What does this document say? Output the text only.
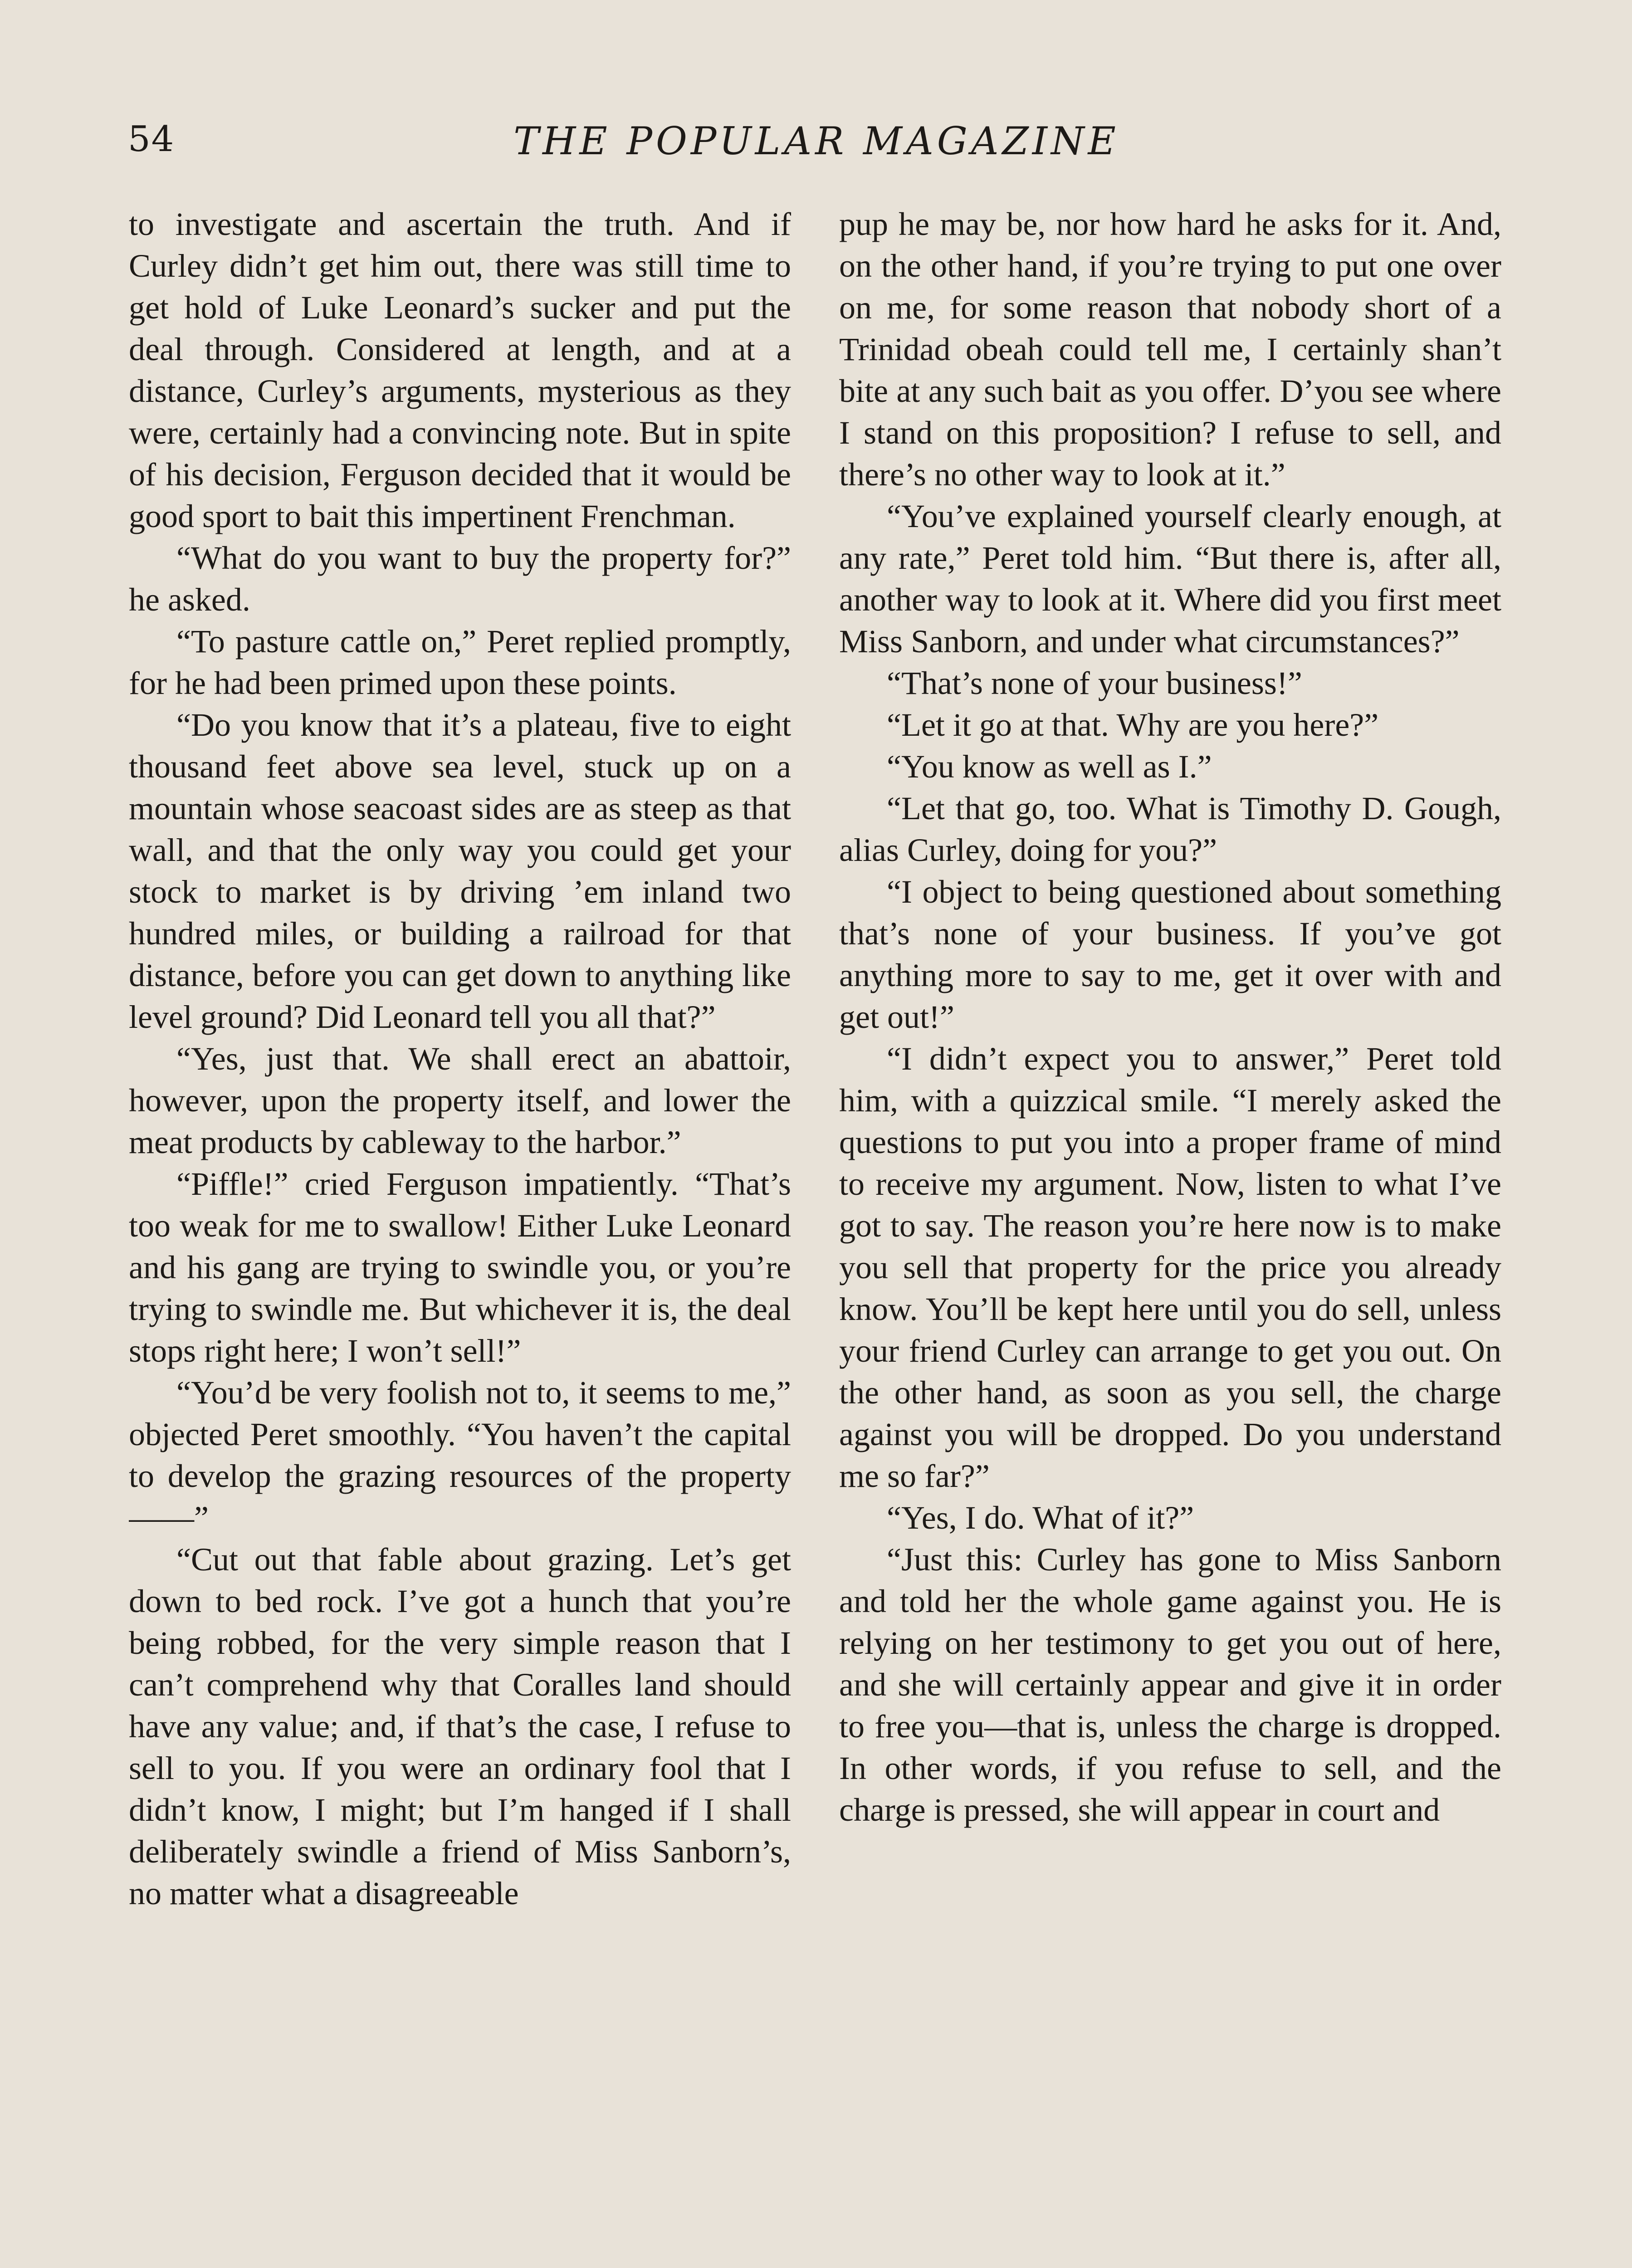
54	THE POPULAR MAGAZINE

to investigate and ascertain the truth. And if Curley didn’t get him out, there was still time to get hold of Luke Leonard’s sucker and put the deal through. Considered at length, and at a distance, Curley’s arguments, mysterious as they were, certainly had a convincing note. But in spite of his decision, Ferguson decided that it would be good sport to bait this impertinent Frenchman.

“What do you want to buy the property for?” he asked.

“To pasture cattle on,” Peret replied promptly, for he had been primed upon these points.

“Do you know that it’s a plateau, five to eight thousand feet above sea level, stuck up on a mountain whose seacoast sides are as steep as that wall, and that the only way you could get your stock to market is by driving ’em inland two hundred miles, or building a railroad for that distance, before you can get down to anything like level ground? Did Leonard tell you all that?”

“Yes, just that. We shall erect an abattoir, however, upon the property itself, and lower the meat products by cableway to the harbor.”

“Piffle!” cried Ferguson impatiently. “That’s too weak for me to swallow! Either Luke Leonard and his gang are trying to swindle you, or you’re trying to swindle me. But whichever it is, the deal stops right here; I won’t sell!”

“You’d be very foolish not to, it seems to me,” objected Peret smoothly. “You haven’t the capital to develop the grazing resources of the property——”

“Cut out that fable about grazing. Let’s get down to bed rock. I’ve got a hunch that you’re being robbed, for the very simple reason that I can’t comprehend why that Coralles land should have any value; and, if that’s the case, I refuse to sell to you. If you were an ordinary fool that I didn’t know, I might; but I’m hanged if I shall deliberately swindle a friend of Miss Sanborn’s, no matter what a disagreeable

pup he may be, nor how hard he asks for it. And, on the other hand, if you’re trying to put one over on me, for some reason that nobody short of a Trinidad obeah could tell me, I certainly shan’t bite at any such bait as you offer. D’you see where I stand on this proposition? I refuse to sell, and there’s no other way to look at it.”

“You’ve explained yourself clearly enough, at any rate,” Peret told him. “But there is, after all, another way to look at it. Where did you first meet Miss Sanborn, and under what circumstances?”

“That’s none of your business!”

“Let it go at that. Why are you here?”

“You know as well as I.”

“Let that go, too. What is Timothy D. Gough, alias Curley, doing for you?”

“I object to being questioned about something that’s none of your business. If you’ve got anything more to say to me, get it over with and get out!”

“I didn’t expect you to answer,” Peret told him, with a quizzical smile. “I merely asked the questions to put you into a proper frame of mind to receive my argument. Now, listen to what I’ve got to say. The reason you’re here now is to make you sell that property for the price you already know. You’ll be kept here until you do sell, unless your friend Curley can arrange to get you out. On the other hand, as soon as you sell, the charge against you will be dropped. Do you understand me so far?”

“Yes, I do. What of it?”

“Just this: Curley has gone to Miss Sanborn and told her the whole game against you. He is relying on her testimony to get you out of here, and she will certainly appear and give it in order to free you—that is, unless the charge is dropped. In other words, if you refuse to sell, and the charge is pressed, she will appear in court and
